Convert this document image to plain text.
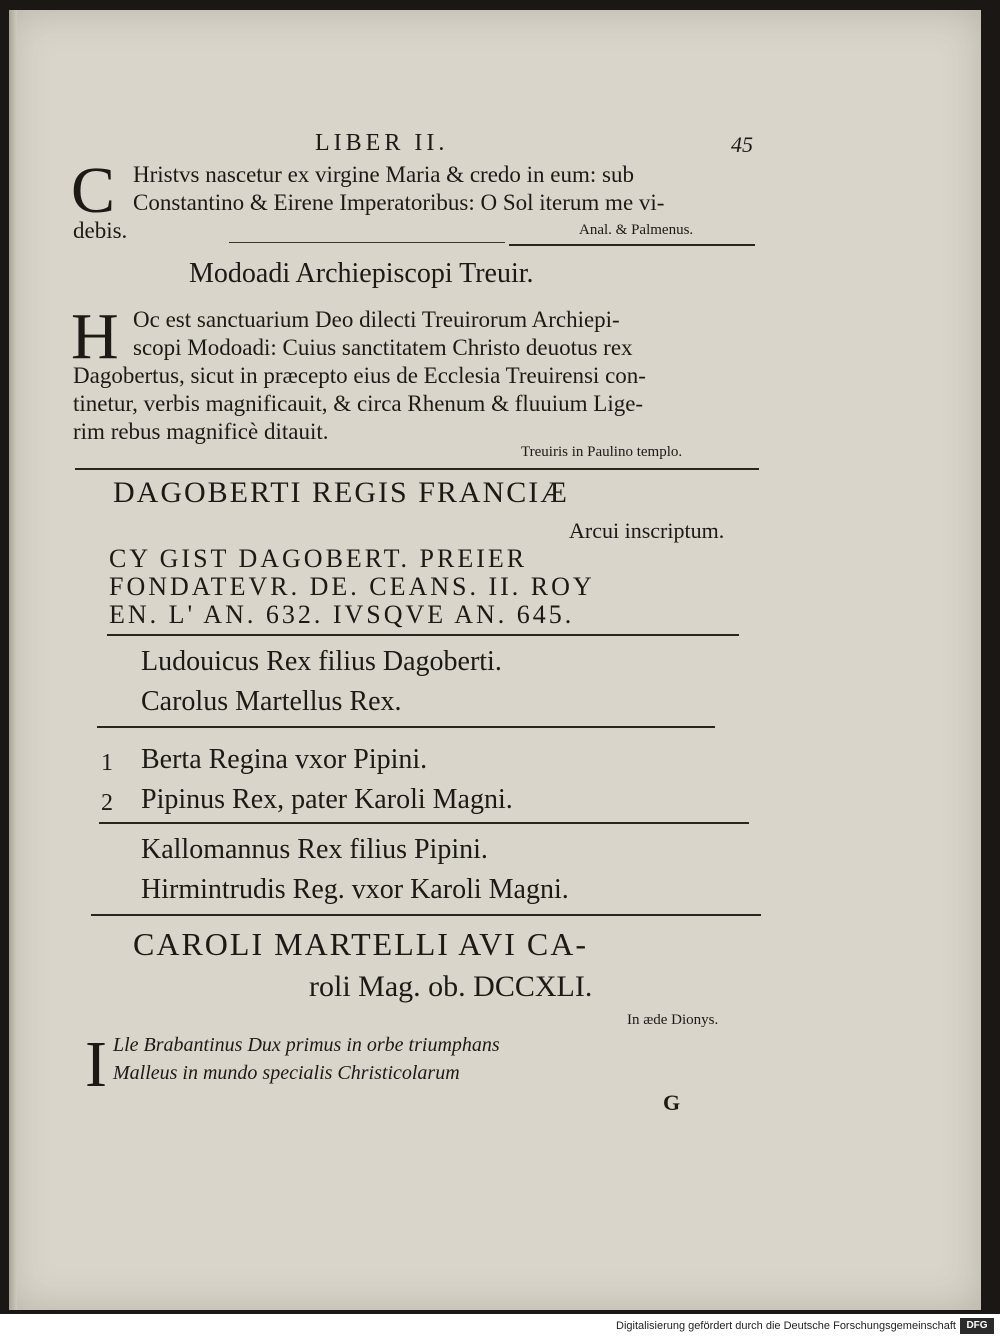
LIBER II.	45
C Hristvs nascetur ex virgine Maria & credo in eum: sub
Constantino & Eirene Imperatoribus: O Sol iterum me vi-
debis.	Anal. & Palmenus.
Modoadi Archiepiscopi Treuir.
H Oc est sanctuarium Deo dilecti Treuirorum Archiepi-
scopi Modoadi: Cuius sanctitatem Christo deuotus rex
Dagobertus, sicut in præcepto eius de Ecclesia Treuirensi con-
tinetur, verbis magnificauit, & circa Rhenum & fluuium Lige-
rim rebus magnificè ditauit.
Treuiris in Paulino templo.
DAGOBERTI REGIS FRANCIÆ
Arcui inscriptum.
CY GIST DAGOBERT. PREIER
FONDATEVR. DE. CEANS. II. ROY
EN. L' AN. 632. IVSQVE AN. 645.
Ludouicus Rex filius Dagoberti.
Carolus Martellus Rex.
1 Berta Regina vxor Pipini.
2 Pipinus Rex, pater Karoli Magni.
Kallomannus Rex filius Pipini.
Hirmintrudis Reg. vxor Karoli Magni.
CAROLI MARTELLI AVI CA-
roli Mag. ob. DCCXLI.
In æde Dionys.
I Lle Brabantinus Dux primus in orbe triumphans
Malleus in mundo specialis Christicolarum
G
Digitalisierung gefördert durch die Deutsche Forschungsgemeinschaft	DFG
